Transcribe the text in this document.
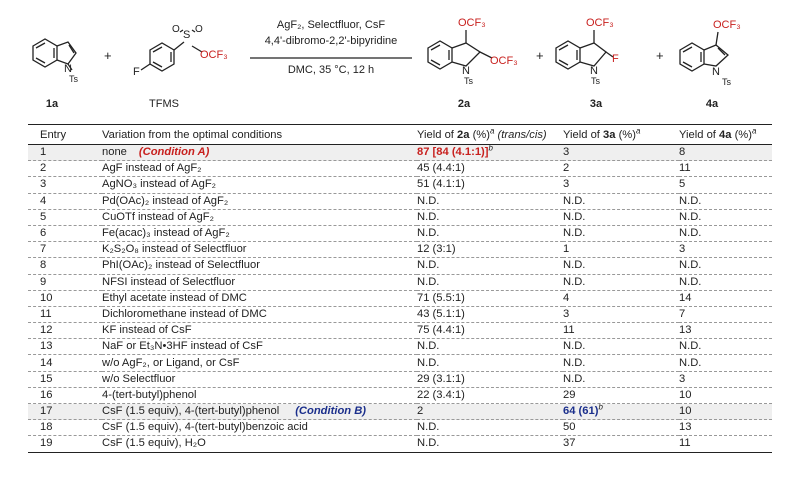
N
Ts
F
S
O O
OCF₃
+	+	+
N
Ts
OCF₃
OCF₃
N
Ts
OCF₃
F
N
Ts
OCF₃
AgF₂, Selectfluor, CsF
4,4'-dibromo-2,2'-bipyridine
DMC, 35 °C, 12 h
1a	2a	3a	4a
TFMS
Entry	Variation from the optimal conditions	Yield of 2a (%)$^a$ (trans/cis)	Yield of 3a (%)$^a$	Yield of 4a (%)$^a$
1	none (Condition A)	87 [84 (4.1:1)]$^b$	3	8
2	AgF instead of AgF₂	45 (4.4:1)	2	11
3	AgNO₃ instead of AgF₂	51 (4.1:1)	3	5
4	Pd(OAc)₂ instead of AgF₂	N.D.	N.D.	N.D.
5	CuOTf instead of AgF₂	N.D.	N.D.	N.D.
6	Fe(acac)₃ instead of AgF₂	N.D.	N.D.	N.D.
7	K₂S₂O₈ instead of Selectfluor	12 (3:1)	1	3
8	PhI(OAc)₂ instead of Selectfluor	N.D.	N.D.	N.D.
9	NFSI instead of Selectfluor	N.D.	N.D.	N.D.
10	Ethyl acetate instead of DMC	71 (5.5:1)	4	14
11	Dichloromethane instead of DMC	43 (5.1:1)	3	7
12	KF instead of CsF	75 (4.4:1)	11	13
13	NaF or Et₃N•3HF instead of CsF	N.D.	N.D.	N.D.
14	w/o AgF₂, or Ligand, or CsF	N.D.	N.D.	N.D.
15	w/o Selectfluor	29 (3.1:1)	N.D.	3
16	4-(tert-butyl)phenol	22 (3.4:1)	29	10
17	CsF (1.5 equiv), 4-(tert-butyl)phenol (Condition B)	2	64 $(61)^b$	10
18	CsF (1.5 equiv), 4-(tert-butyl)benzoic acid	N.D.	50	13
19	CsF (1.5 equiv), H₂O	N.D.	37	11
